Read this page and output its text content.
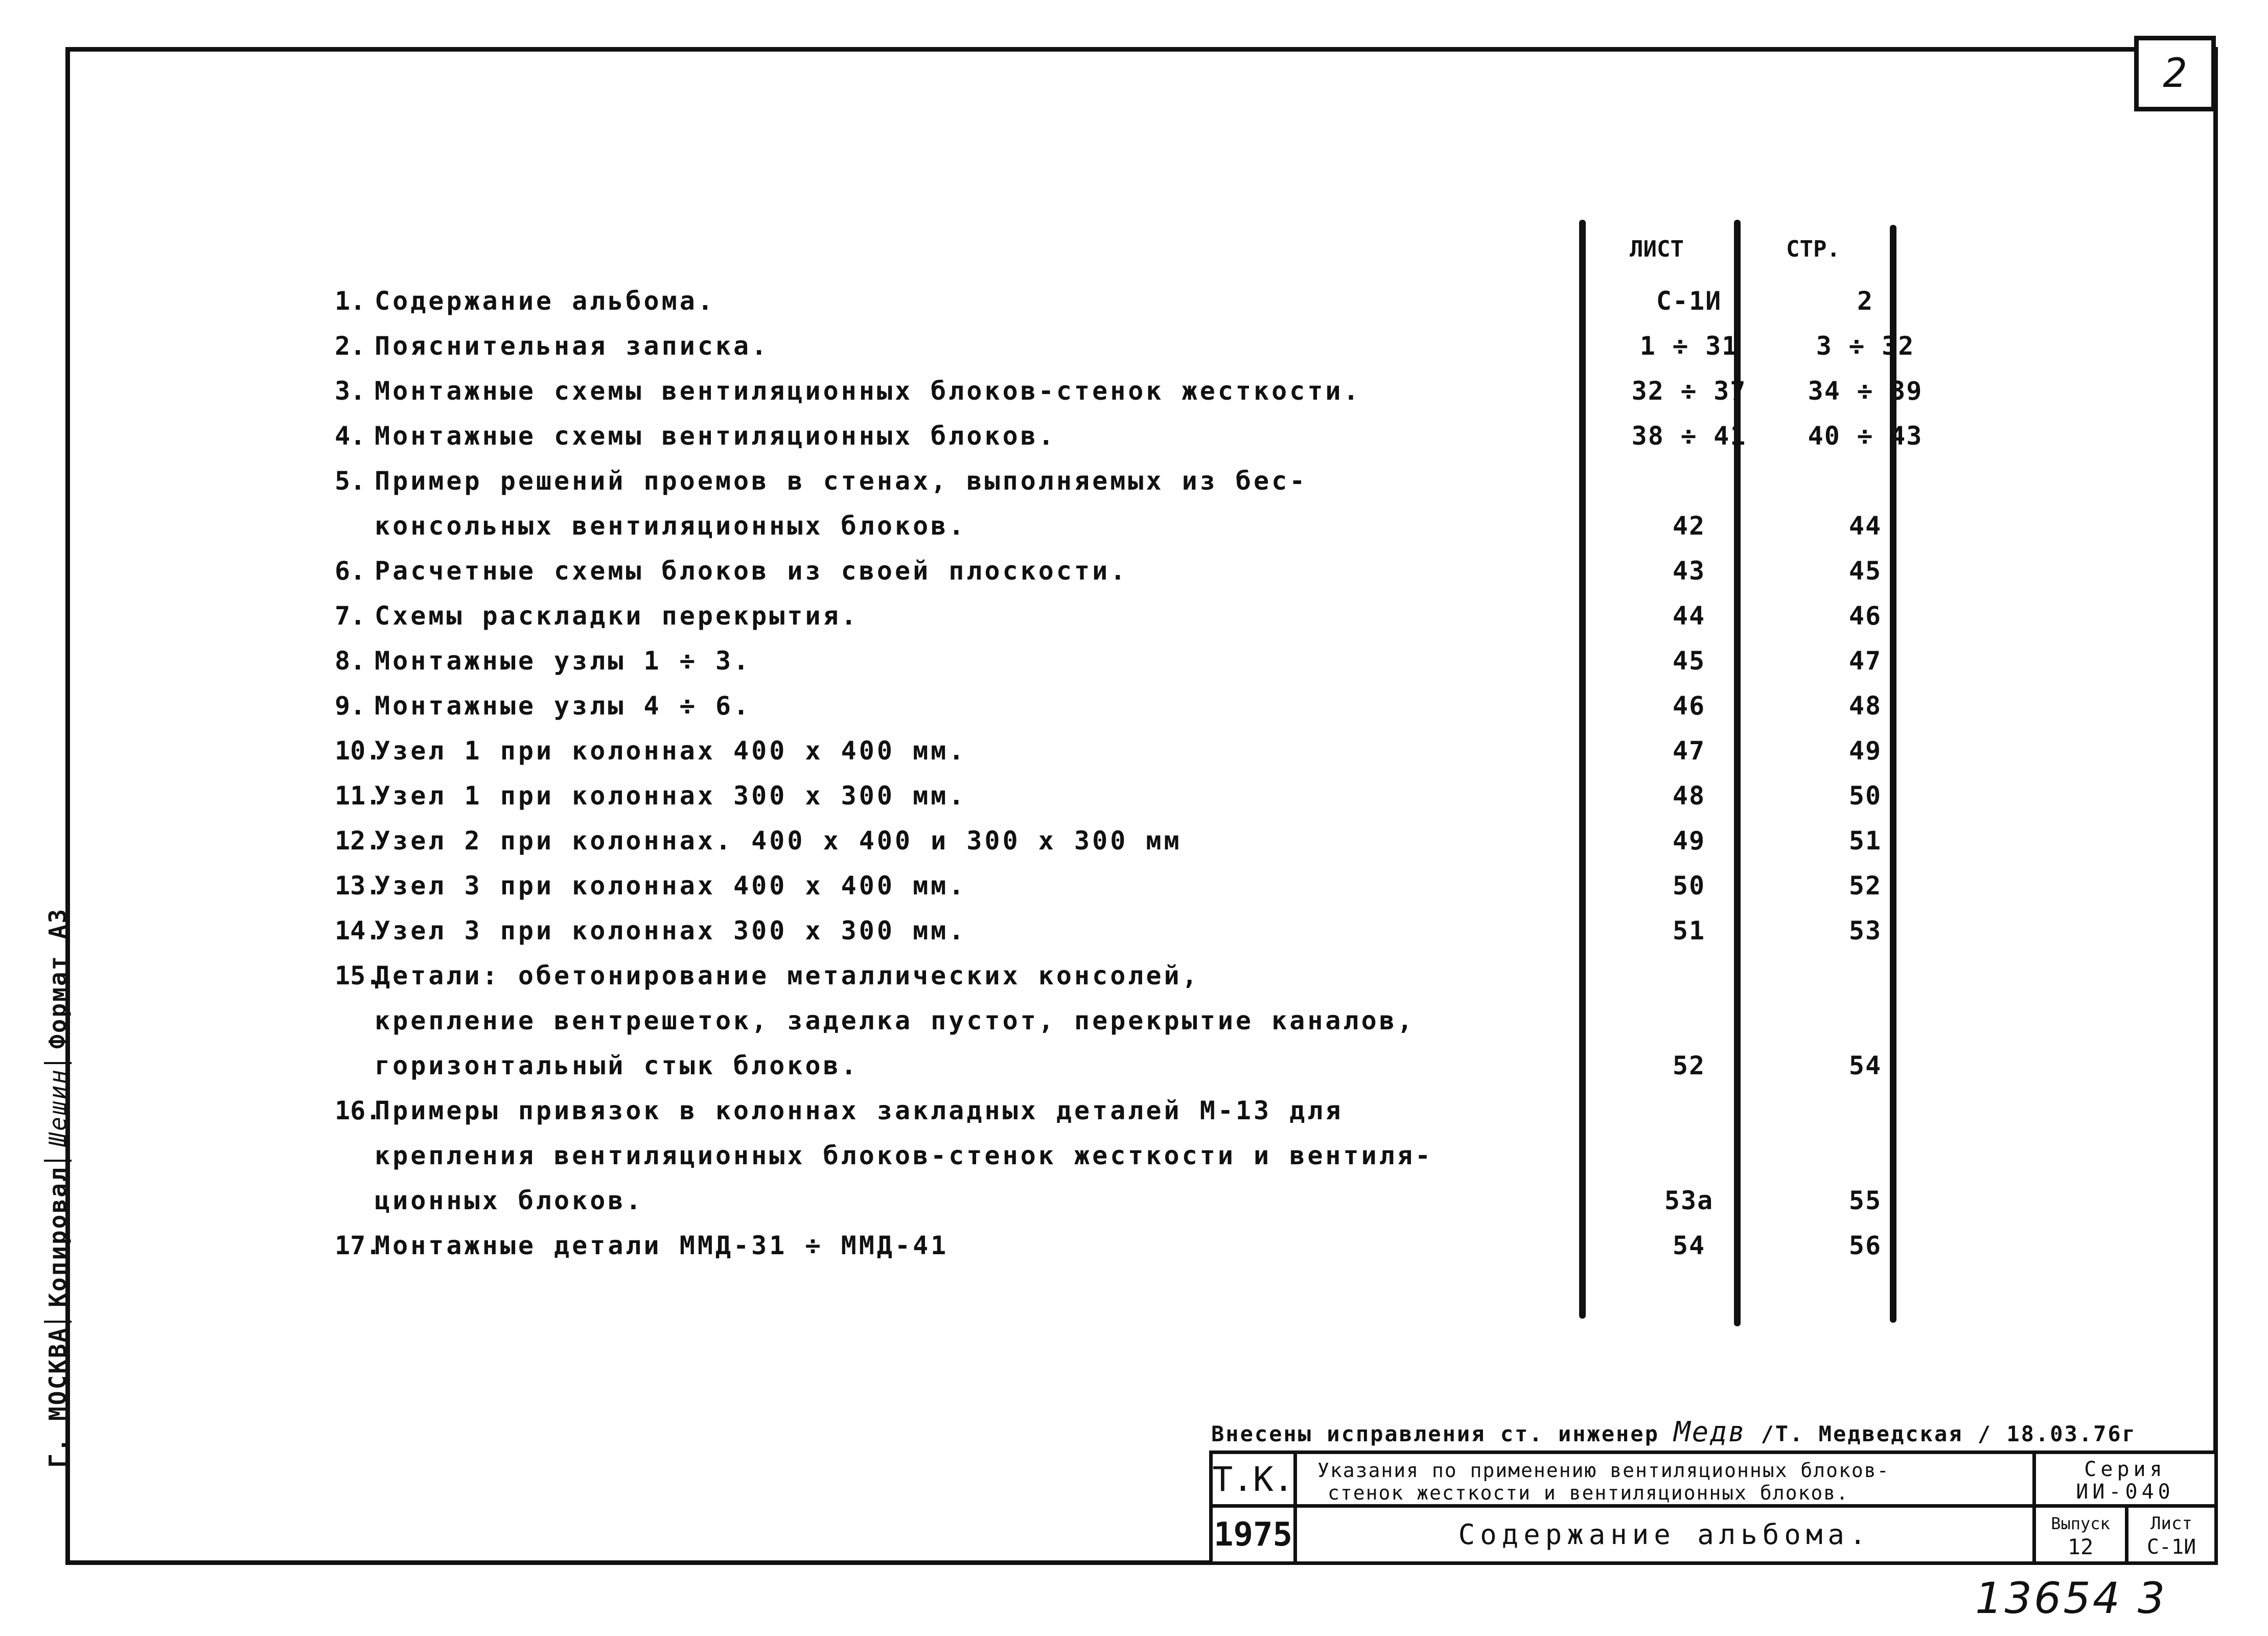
2
Г. МОСКВА
Копировал
Шешин
Формат А3
ЛИСТ	СТР.
1. Содержание альбома.	С-1И	2
2. Пояснительная записка.	1 ÷ 31	3 ÷ 32
3. Монтажные схемы вентиляционных блоков-стенок жесткости.	32 ÷ 37	34 ÷ 39
4. Монтажные схемы вентиляционных блоков.	38 ÷ 41	40 ÷ 43
5. Пример решений проемов в стенах, выполняемых из бес-
консольных вентиляционных блоков.	42	44
6. Расчетные схемы блоков из своей плоскости.	43	45
7. Схемы раскладки перекрытия.	44	46
8. Монтажные узлы 1 ÷ 3.	45	47
9. Монтажные узлы 4 ÷ 6.	46	48
10.Узел 1 при колоннах 400 x 400 мм.	47	49
11.Узел 1 при колоннах 300 x 300 мм.	48	50
12.Узел 2 при колоннах. 400 x 400 и 300 x 300 мм	49	51
13.Узел 3 при колоннах 400 x 400 мм.	50	52
14.Узел 3 при колоннах 300 x 300 мм.	51	53
15.Детали: обетонирование металлических консолей,
крепление вентрешеток, заделка пустот, перекрытие каналов,
горизонтальный стык блоков.	52	54
16.Примеры привязок в колоннах закладных деталей М-13 для
крепления вентиляционных блоков-стенок жесткости и вентиля-
ционных блоков.	53а	55
17.Монтажные детали ММД-31 ÷ ММД-41	54	56
Внесены исправления ст. инженер Медв /Т. Медведская / 18.03.76г
Т.К.
1975
Указания по применению вентиляционных блоков-
стенок жесткости и вентиляционных блоков.
Содержание альбома.
Серия
ИИ-040
Выпуск
12
Лист
С-1И
13654 3
